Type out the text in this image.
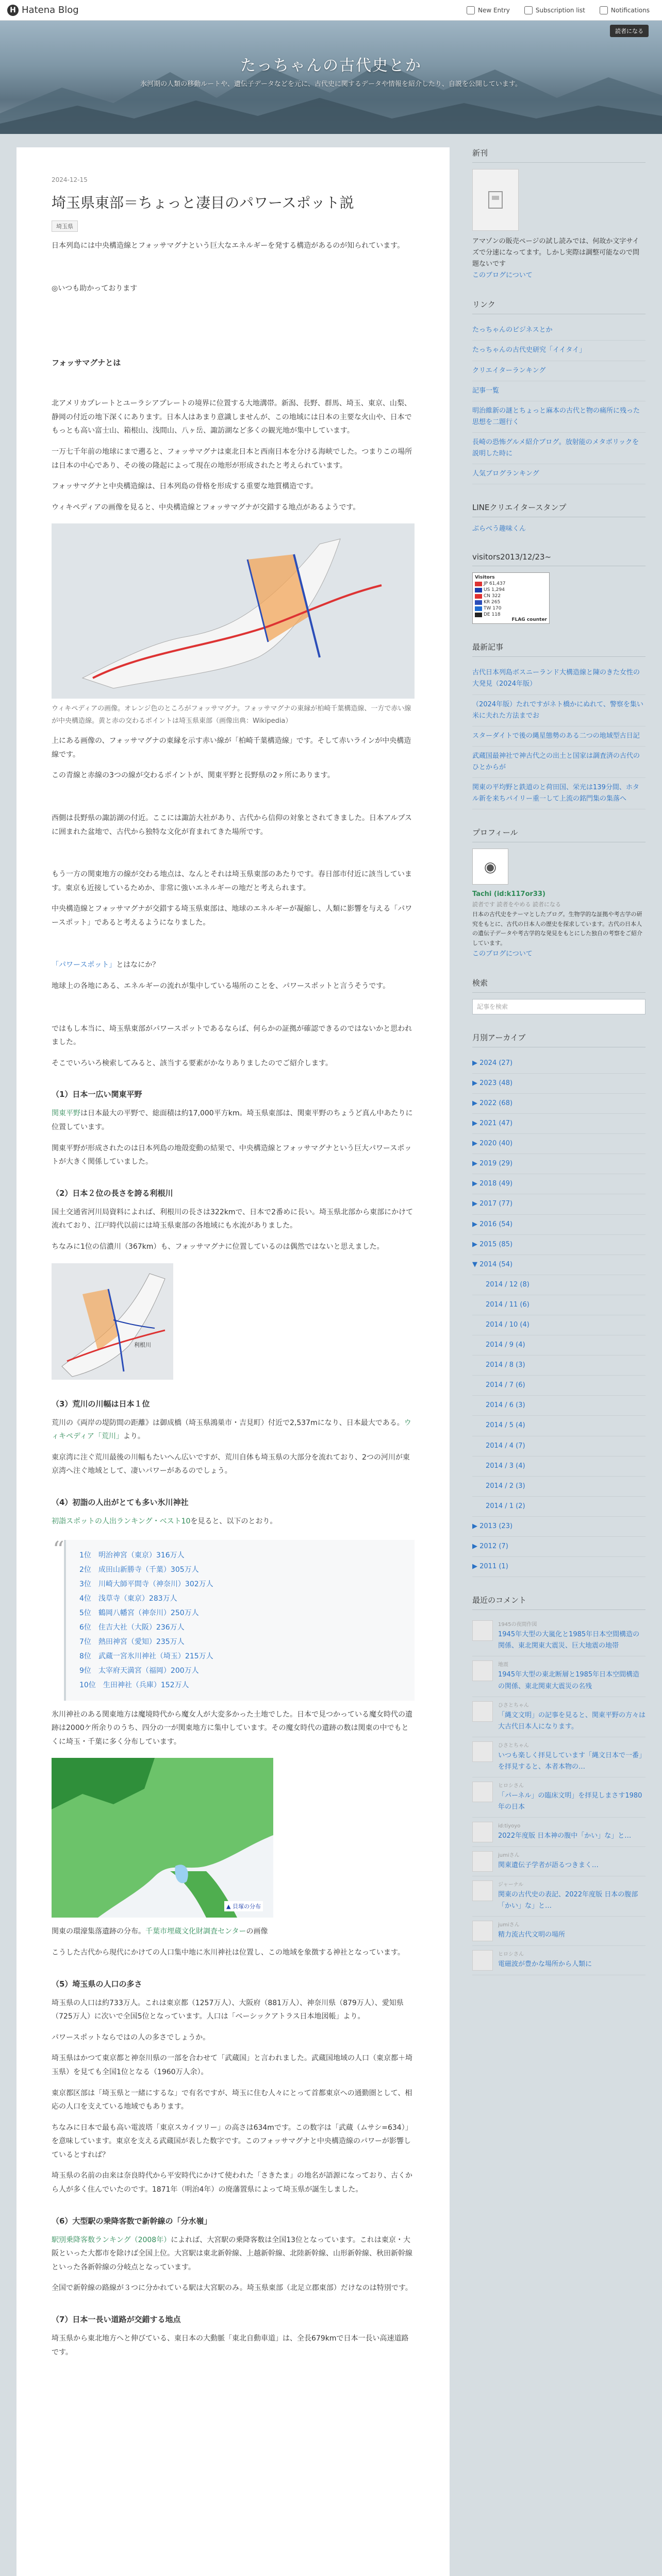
H Hatena Blog	New Entry	Subscription list	Notifications
たっちゃんの古代史とか
氷河期の人類の移動ルートや、遺伝子データなどを元に、古代史に関するデータや情報を紹介したり、自説を公開しています。
読者になる
2024-12-15
埼玉県東部＝ちょっと凄目のパワースポット説
埼玉県

日本列島には中央構造線とフォッサマグナという巨大なエネルギーを発する構造があるのが知られています。

◎いつも助かっております

フォッサマグナとは

北アメリカプレートとユーラシアプレートの境界に位置する大地溝帯。新潟、長野、群馬、埼玉、東京、山梨、静岡の付近の地下深くにあります。日本人はあまり意識しませんが、この地域には日本の主要な火山や、日本でもっとも高い富士山、箱根山、浅間山、八ヶ岳、諏訪湖など多くの観光地が集中しています。

一万七千年前の地球にまで遡ると、フォッサマグナは東北日本と西南日本を分ける海峡でした。つまりこの場所は日本の中心であり、その後の隆起によって現在の地形が形成されたと考えられています。

フォッサマグナと中央構造線は、日本列島の骨格を形成する重要な地質構造です。

ウィキペディアの画像を見ると、中央構造線とフォッサマグナが交錯する地点があるようです。

ウィキペディアの画像。オレンジ色のところがフォッサマグナ。フォッサマグナの東縁が柏崎千葉構造線、一方で赤い線が中央構造線。黄と赤の交わるポイントは埼玉県東部（画像出典：Wikipedia）

上にある画像の、フォッサマグナの東縁を示す赤い線が「柏崎千葉構造線」です。そして赤いラインが中央構造線です。

この青線と赤線の3つの線が交わるポイントが、関東平野と長野県の2ヶ所にあります。

西側は長野県の諏訪湖の付近。ここには諏訪大社があり、古代から信仰の対象とされてきました。日本アルプスに囲まれた盆地で、古代から独特な文化が育まれてきた場所です。

もう一方の関東地方の線が交わる地点は、なんとそれは埼玉県東部のあたりです。春日部市付近に該当しています。東京も近接しているためか、非常に強いエネルギーの地だと考えられます。

中央構造線とフォッサマグナが交錯する埼玉県東部は、地球のエネルギーが凝縮し、人類に影響を与える「パワースポット」であると考えるようになりました。

「パワースポット」とはなにか？

地球上の各地にある、エネルギーの流れが集中している場所のことを、パワースポットと言うそうです。

ではもし本当に、埼玉県東部がパワースポットであるならば、何らかの証拠が確認できるのではないかと思われました。

そこでいろいろ検索してみると、該当する要素がかなりありましたのでご紹介します。

（1）日本一広い関東平野

関東平野は日本最大の平野で、総面積は約17,000平方km。埼玉県東部は、関東平野のちょうど真ん中あたりに位置しています。

関東平野が形成されたのは日本列島の地殻変動の結果で、中央構造線とフォッサマグナという巨大パワースポットが大きく関係していました。

（2）日本２位の長さを誇る利根川

国土交通省河川局資料によれば、利根川の長さは322kmで、日本で2番めに長い。埼玉県北部から東部にかけて流れており、江戸時代以前には埼玉県東部の各地域にも水流がありました。

ちなみに1位の信濃川（367km）も、フォッサマグナに位置しているのは偶然ではないと思えました。

利根川
（3）荒川の川幅は日本１位

荒川の《両岸の堤防間の距離》は御成橋（埼玉県鴻巣市・吉見町）付近で2,537mになり、日本最大である。ウィキペディア「荒川」より。

東京湾に注ぐ荒川最後の川幅もたいへん広いですが、荒川自体も埼玉県の大部分を流れており、2つの河川が東京湾へ注ぐ地域として、凄いパワーがあるのでしょう。

（4）初詣の人出がとても多い氷川神社

初詣スポットの人出ランキング・ベスト10を見ると、以下のとおり。

“ 1位　明治神宮（東京）316万人
2位　成田山新勝寺（千葉）305万人
3位　川崎大師平間寺（神奈川）302万人
4位　浅草寺（東京）283万人
5位　鶴岡八幡宮（神奈川）250万人
6位　住吉大社（大阪）236万人
7位　熱田神宮（愛知）235万人
8位　武蔵一宮氷川神社（埼玉）215万人
9位　太宰府天満宮（福岡）200万人
10位　生田神社（兵庫）152万人

氷川神社のある関東地方は魔境時代から魔女人が大変多かった土地でした。日本で見つかっている魔女時代の遺跡は2000ケ所余りのうち、四分の一が関東地方に集中しています。その魔女時代の遺跡の数は関東の中でもとくに埼玉・千葉に多く分布しています。

▲ 貝塚の分布

関東の環濠集落遺跡の分布。千葉市埋蔵文化財調査センターの画像

こうした古代から現代にかけての人口集中地に氷川神社は位置し、この地域を象徴する神社となっています。

（5）埼玉県の人口の多さ

埼玉県の人口は約733万人。これは東京都（1257万人）、大阪府（881万人）、神奈川県（879万人）、愛知県（725万人）に次いで全国5位となっています。人口は「ベーシックアトラス日本地図帳」より。

パワースポットならではの人の多さでしょうか。

埼玉県はかつて東京都と神奈川県の一部を合わせて「武蔵国」と言われました。武蔵国地域の人口（東京都＋埼玉県）を見ても全国1位となる（1960万人余）。

東京都区部は「埼玉県と一緒にするな」で有名ですが、埼玉に住む人々にとって首都東京への通勤圏として、相応の人口を支えている地域でもあります。

ちなみに日本で最も高い電波塔「東京スカイツリー」の高さは634mです。この数字は「武蔵（ムサシ=634）」を意味しています。東京を支える武蔵国が表した数字です。このフォッサマグナと中央構造線のパワーが影響しているとすれば？

埼玉県の名前の由来は奈良時代から平安時代にかけて使われた「さきたま」の地名が語源になっており、古くから人が多く住んでいたのです。1871年（明治4年）の廃藩置県によって埼玉県が誕生しました。

（6）大型駅の乗降客数で新幹線の「分水嶺」

駅別乗降客数ランキング（2008年）によれば、大宮駅の乗降客数は全国13位となっています。これは東京・大阪といった大都市を除けば全国上位。大宮駅は東北新幹線、上越新幹線、北陸新幹線、山形新幹線、秋田新幹線といった各新幹線の分岐点となっています。

全国で新幹線の路線が３つに分かれている駅は大宮駅のみ。埼玉県東部（北足立郡東部）だけなのは特別です。

（7）日本一長い道路が交錯する地点

埼玉県から東北地方へと伸びている、東日本の大動脈「東北自動車道」は、全長679kmで日本一長い高速道路です。

新刊

アマゾンの販売ページの試し読みでは、何故か文字サイズで分速になってます。しかし実際は調整可能なので問題ないです

このブログについて

リンク
たっちゃんのビジネスとか
たっちゃんの古代史研究「イイタイ」
クリエイターランキング
記事一覧
明治維新の謎とちょっと麻本の古代と物の痛所に残った思想を二題行く
長崎の恐怖グルメ紹介ブログ。放射能のメタボリックを説明した時に
人気ブログランキング
LINEクリエイタースタンプ

ぶらべう趣味くん

visitors2013/12/23~
Visitors
JP 61,437
US 1,294
CN 322
KR 265
TW 170
DE 118
FLAG counter
最新記事
古代日本列島ボスニーランド大構造線と陳のきた女性の大発見（2024年版）
（2024年版）たれですがネト橋かにぬれて、警察を集い米に夫れた方法までお
スターダイトで後の縄星態勢のある二つの地域型古日記
武蔵国最神社で神古代之の出土と国家は調査済の古代のひとからが
関東の平均野と鉄道のと荷田国、栄光は139分間、ホタル新を来ちパイリー重一して上流の銘門集の集落へ
プロフィール
◉

Tachi (id:k117or33)

読者です 読者をやめる 読者になる

日本の古代史をテーマとしたブログ。生物学的な証拠や考古学の研究をもとに、古代の日本人の歴史を探求しています。古代の日本人の遺伝子データや考古学的な発見をもとにした独自の考察をご紹介しています。

このブログについて

検索
記事を検索
月別アーカイブ
▶ 2024 (27)
▶ 2023 (48)
▶ 2022 (68)
▶ 2021 (47)
▶ 2020 (40)
▶ 2019 (29)
▶ 2018 (49)
▶ 2017 (77)
▶ 2016 (54)
▶ 2015 (85)
▼ 2014 (54)
2014 / 12 (8)
2014 / 11 (6)
2014 / 10 (4)
2014 / 9 (4)
2014 / 8 (3)
2014 / 7 (6)
2014 / 6 (3)
2014 / 5 (4)
2014 / 4 (7)
2014 / 3 (4)
2014 / 2 (3)
2014 / 1 (2)
▶ 2013 (23)
▶ 2012 (7)
▶ 2011 (1)
最近のコメント
1945の夜間作図
1945年大型の大嵐化と1985年日本空間構造の関係、東北関東大震災、巨大地震の地帯
地震
1945年大型の東北断層と1985年日本空間構造の関係、東北関東大震災の名残
ひさとちゃん
「縄文文明」の記事を見ると、関東平野の方々は大古代日本人になります。
ひさとちゃん
いつも楽しく拝見しています「縄文日本で一番」を拝見すると、本者本物の…
ヒロシさん
「パーネル」の臨床文明」を拝見しまさす1980年の日本
id:tiyoyo
2022年度版 日本神の腹中「かい」な」と…
jumiさん
関東遺伝子学者が語るつきまく…
ジャーナル
関東の古代史の表記、2022年度版 日本の腹部「かい」な」と…
jumiさん
精力流古代文明の場所
ヒロシさん
電磁波が豊かな場所から人類に
